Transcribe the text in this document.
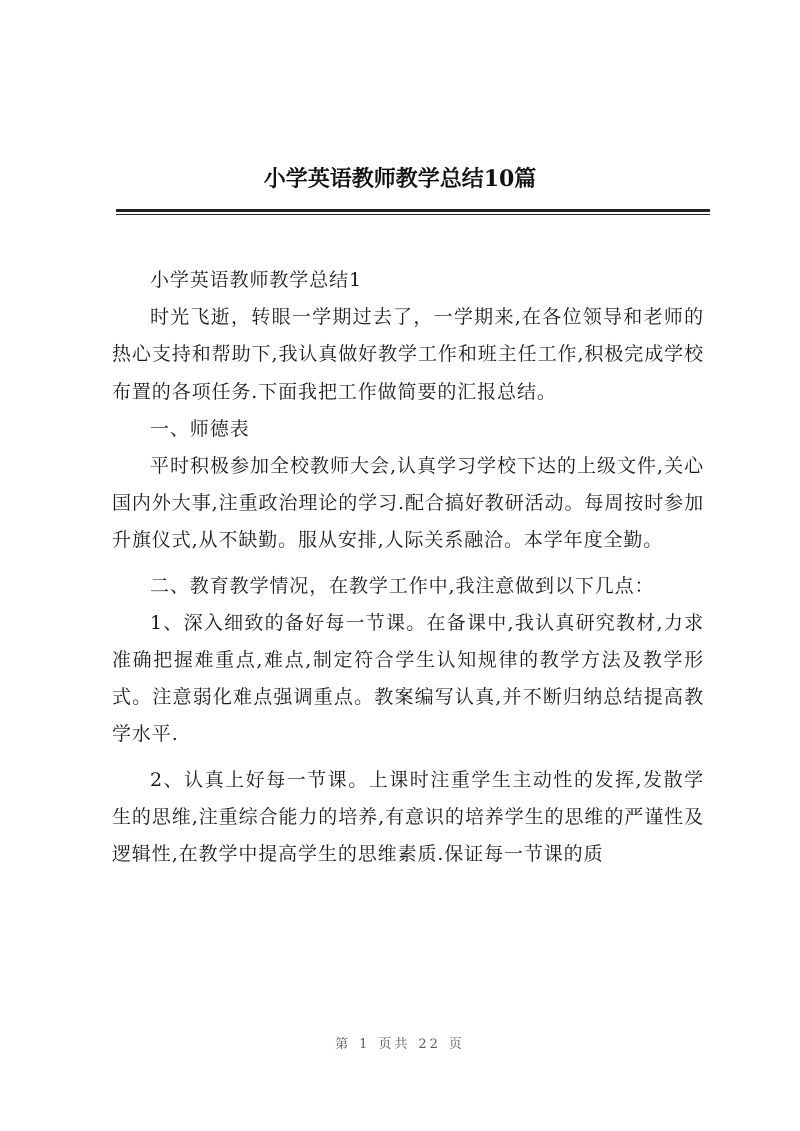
小学英语教师教学总结10篇

小学英语教师教学总结1

时光飞逝，转眼一学期过去了，一学期来,在各位领导和老师的热心支持和帮助下,我认真做好教学工作和班主任工作,积极完成学校布置的各项任务.下面我把工作做简要的汇报总结。

一、师德表

平时积极参加全校教师大会,认真学习学校下达的上级文件,关心国内外大事,注重政治理论的学习.配合搞好教研活动。每周按时参加升旗仪式,从不缺勤。服从安排,人际关系融洽。本学年度全勤。

二、教育教学情况，在教学工作中,我注意做到以下几点：

1、深入细致的备好每一节课。在备课中,我认真研究教材,力求准确把握难重点,难点,制定符合学生认知规律的教学方法及教学形式。注意弱化难点强调重点。教案编写认真,并不断归纳总结提高教学水平.

2、认真上好每一节课。上课时注重学生主动性的发挥,发散学生的思维,注重综合能力的培养,有意识的培养学生的思维的严谨性及逻辑性,在教学中提高学生的思维素质.保证每一节课的质

第 1 页共 22 页
